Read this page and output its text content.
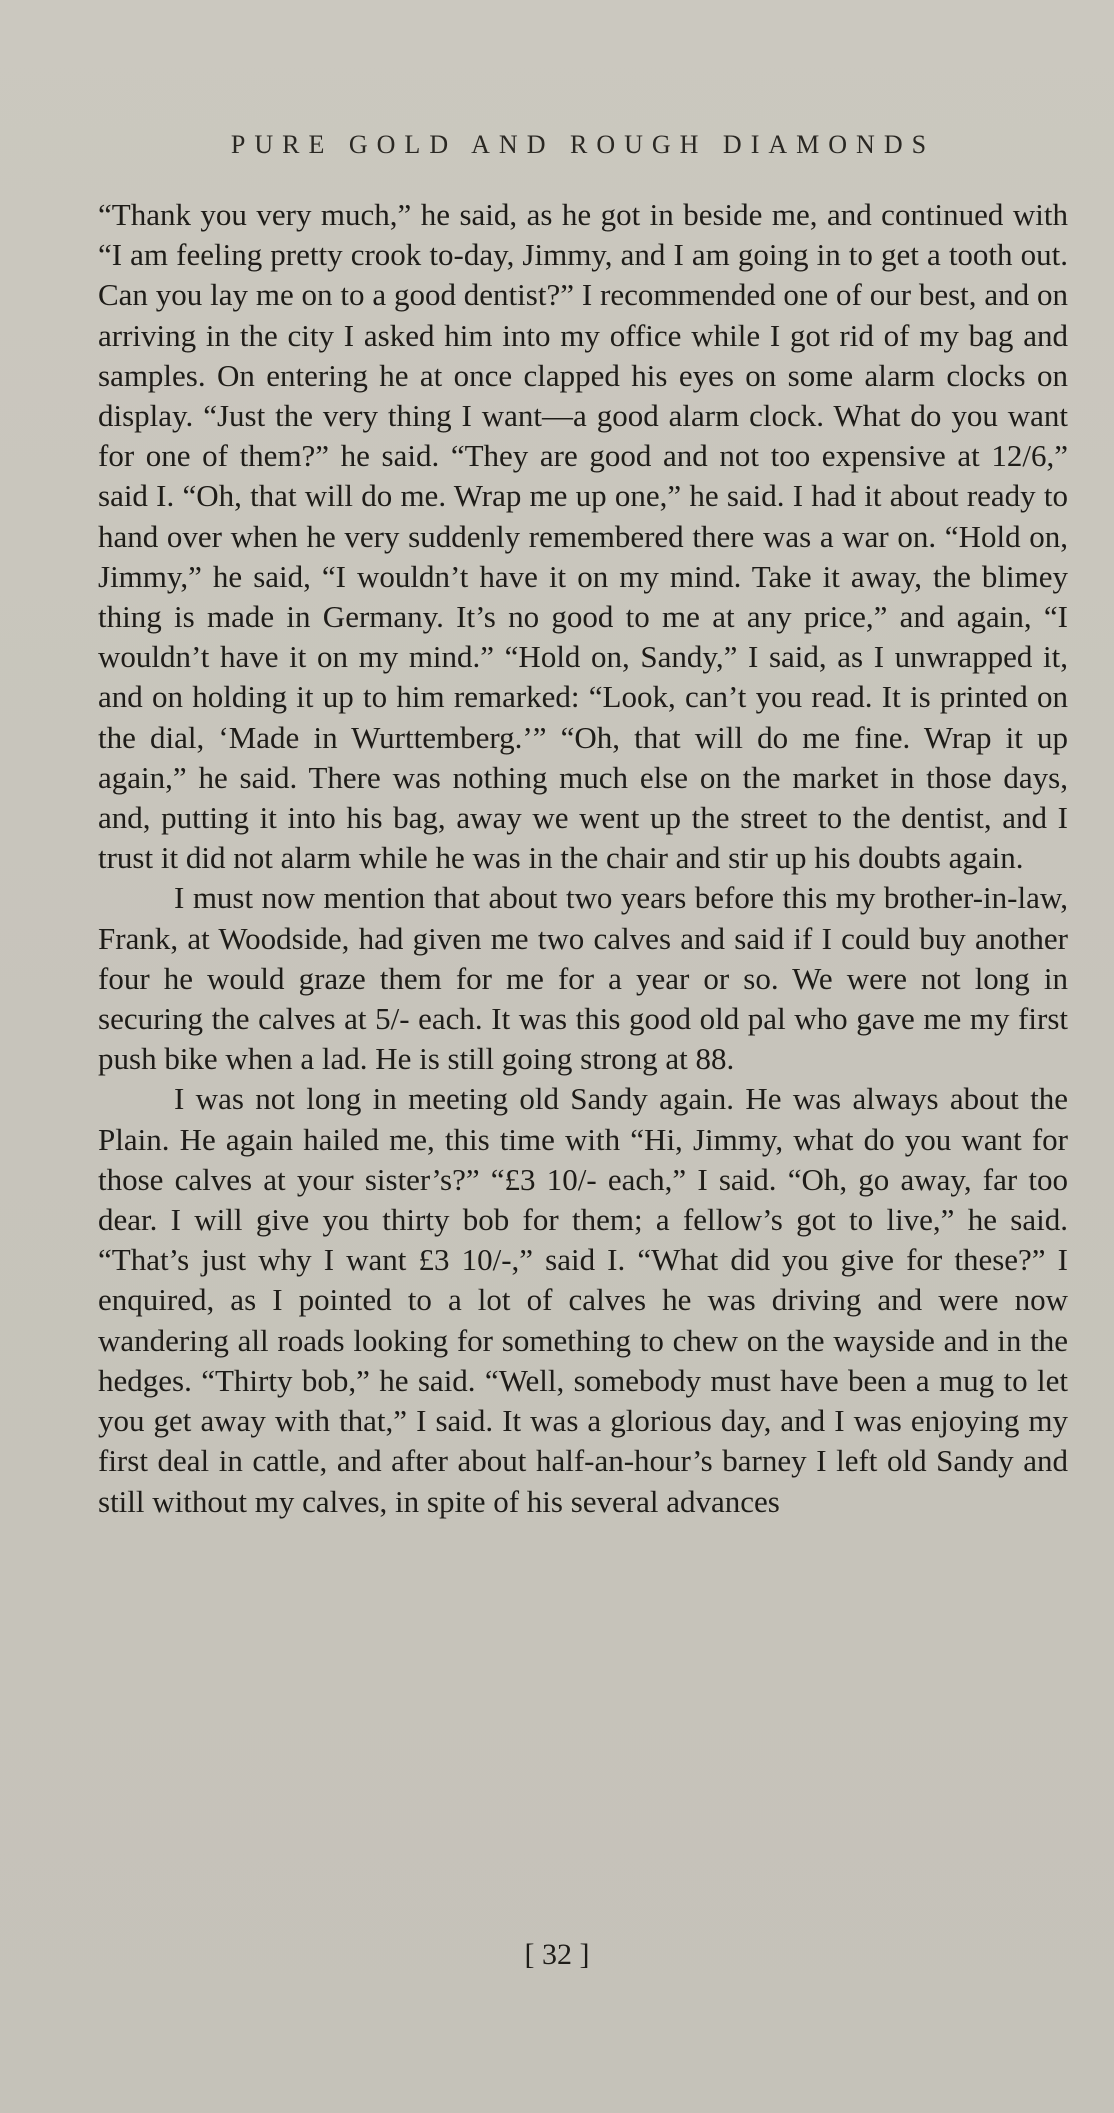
PURE GOLD AND ROUGH DIAMONDS

“Thank you very much,” he said, as he got in beside me, and continued with “I am feeling pretty crook to-day, Jimmy, and I am going in to get a tooth out. Can you lay me on to a good dentist?” I recommended one of our best, and on arriving in the city I asked him into my office while I got rid of my bag and samples. On entering he at once clapped his eyes on some alarm clocks on display. “Just the very thing I want—a good alarm clock. What do you want for one of them?” he said. “They are good and not too expensive at 12/6,” said I. “Oh, that will do me. Wrap me up one,” he said. I had it about ready to hand over when he very suddenly remembered there was a war on. “Hold on, Jimmy,” he said, “I wouldn’t have it on my mind. Take it away, the blimey thing is made in Germany. It’s no good to me at any price,” and again, “I wouldn’t have it on my mind.” “Hold on, Sandy,” I said, as I unwrapped it, and on holding it up to him remarked: “Look, can’t you read. It is printed on the dial, ‘Made in Wurttemberg.’” “Oh, that will do me fine. Wrap it up again,” he said. There was nothing much else on the market in those days, and, putting it into his bag, away we went up the street to the dentist, and I trust it did not alarm while he was in the chair and stir up his doubts again.

I must now mention that about two years before this my brother-in-law, Frank, at Woodside, had given me two calves and said if I could buy another four he would graze them for me for a year or so. We were not long in securing the calves at 5/- each. It was this good old pal who gave me my first push bike when a lad. He is still going strong at 88.

I was not long in meeting old Sandy again. He was always about the Plain. He again hailed me, this time with “Hi, Jimmy, what do you want for those calves at your sister’s?” “£3 10/- each,” I said. “Oh, go away, far too dear. I will give you thirty bob for them; a fellow’s got to live,” he said. “That’s just why I want £3 10/-,” said I. “What did you give for these?” I enquired, as I pointed to a lot of calves he was driving and were now wandering all roads looking for something to chew on the wayside and in the hedges. “Thirty bob,” he said. “Well, somebody must have been a mug to let you get away with that,” I said. It was a glorious day, and I was enjoying my first deal in cattle, and after about half-an-hour’s barney I left old Sandy and still without my calves, in spite of his several advances

[ 32 ]
